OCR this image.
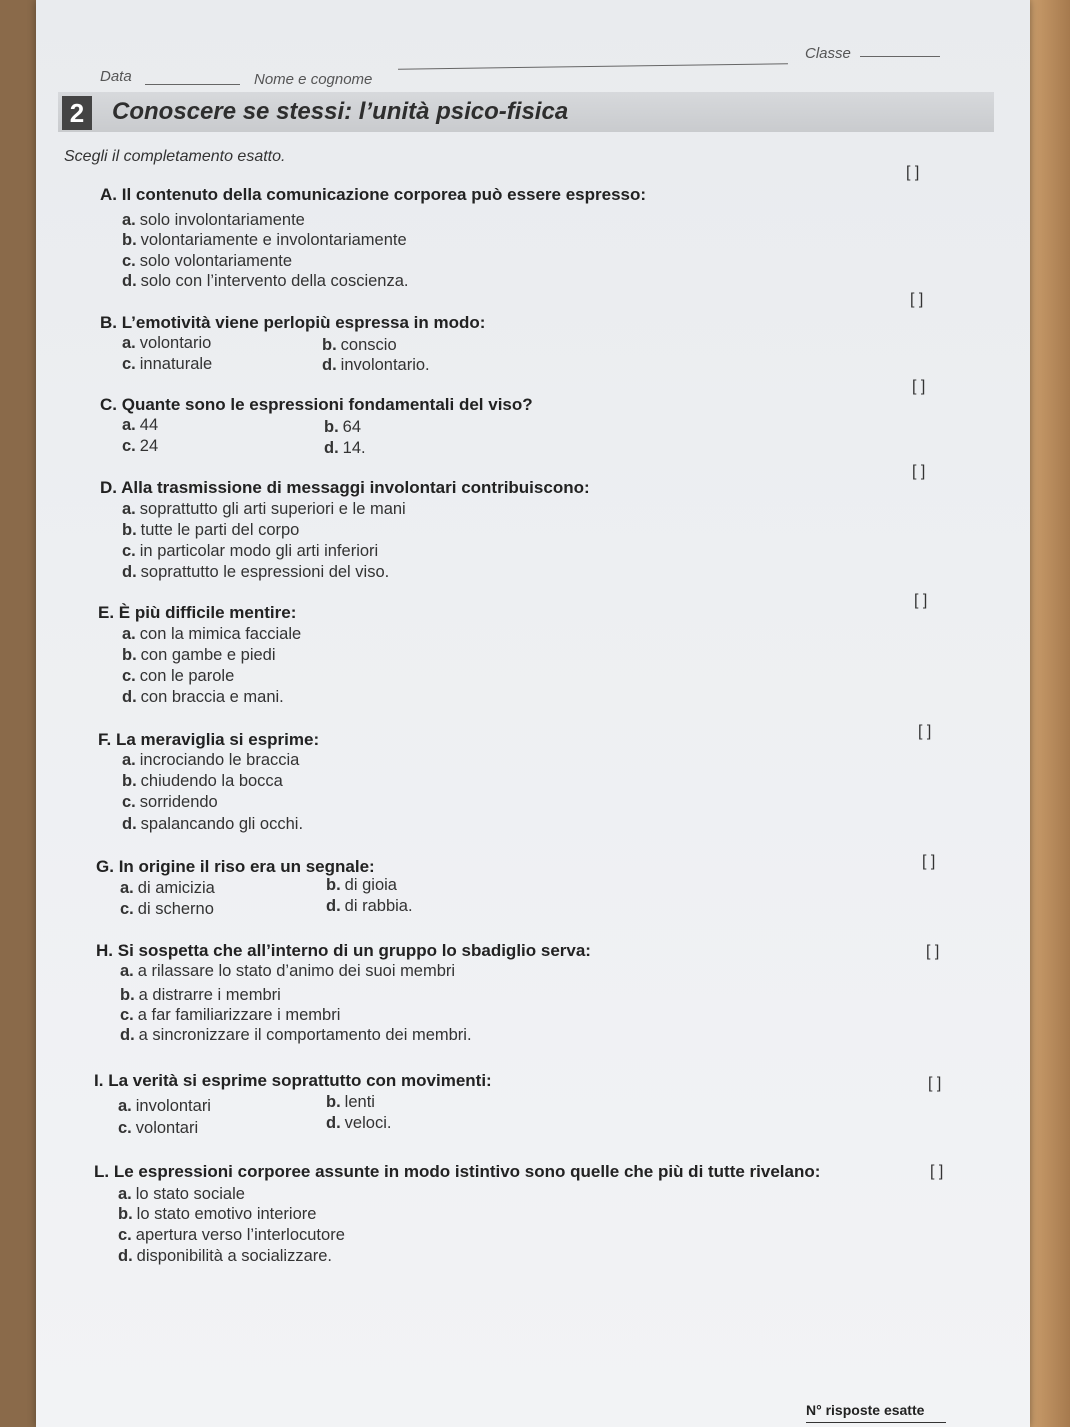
Data	Nome e cognome
Classe
2	Conoscere se stessi: l’unità psico-fisica
Scegli il completamento esatto.
[ ]
A. Il contenuto della comunicazione corporea può essere espresso:
a. solo involontariamente
b. volontariamente e involontariamente
c. solo volontariamente
d. solo con l’intervento della coscienza.
[ ]
B. L’emotività viene perlopiù espressa in modo:
a. volontario	b. conscio
c. innaturale	d. involontario.
[ ]
C. Quante sono le espressioni fondamentali del viso?
a. 44	b. 64
c. 24	d. 14.
[ ]
D. Alla trasmissione di messaggi involontari contribuiscono:
a. soprattutto gli arti superiori e le mani
b. tutte le parti del corpo
c. in particolar modo gli arti inferiori
d. soprattutto le espressioni del viso.
[ ]
E. È più difficile mentire:
a. con la mimica facciale
b. con gambe e piedi
c. con le parole
d. con braccia e mani.
[ ]
F. La meraviglia si esprime:
a. incrociando le braccia
b. chiudendo la bocca
c. sorridendo
d. spalancando gli occhi.
[ ]
G. In origine il riso era un segnale:
a. di amicizia	b. di gioia
c. di scherno	d. di rabbia.
[ ]
H. Si sospetta che all’interno di un gruppo lo sbadiglio serva:
a. a rilassare lo stato d’animo dei suoi membri
b. a distrarre i membri
c. a far familiarizzare i membri
d. a sincronizzare il comportamento dei membri.
[ ]
I. La verità si esprime soprattutto con movimenti:
a. involontari	b. lenti
c. volontari	d. veloci.
[ ]
L. Le espressioni corporee assunte in modo istintivo sono quelle che più di tutte rivelano:
a. lo stato sociale
b. lo stato emotivo interiore
c. apertura verso l’interlocutore
d. disponibilità a socializzare.
N° risposte esatte
